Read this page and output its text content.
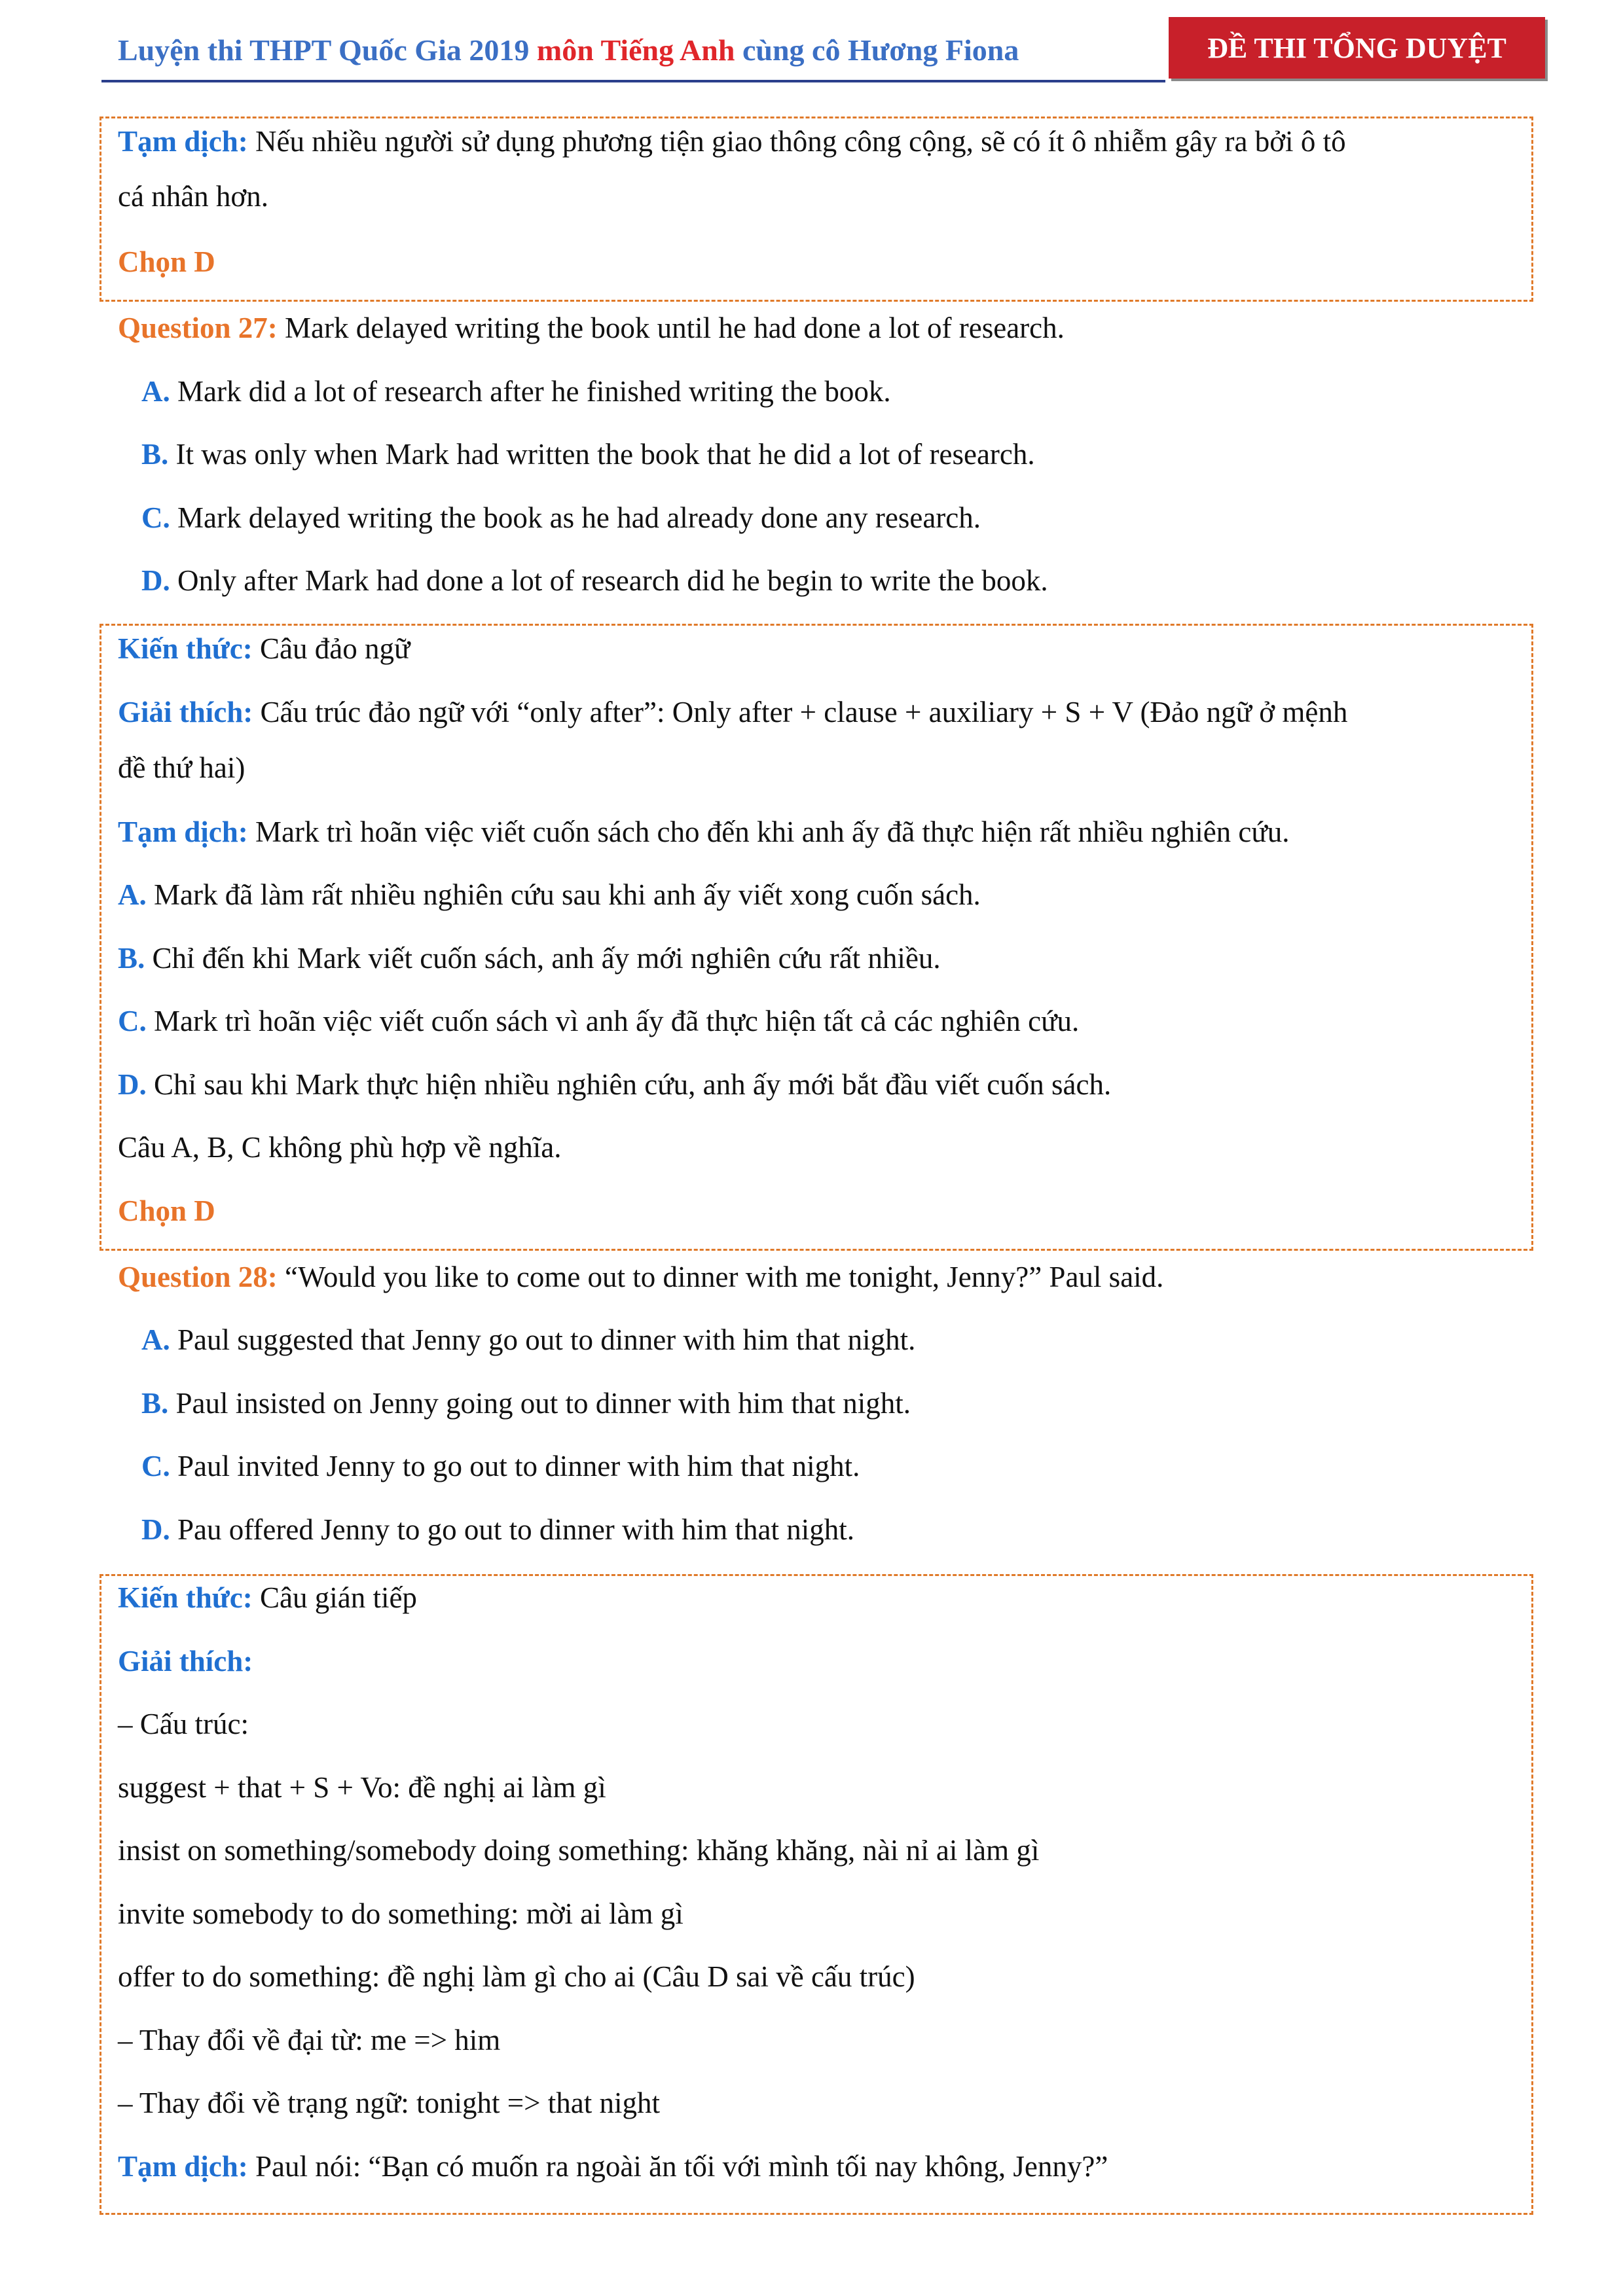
Luyện thi THPT Quốc Gia 2019 môn Tiếng Anh cùng cô Hương Fiona	ĐỀ THI TỔNG DUYỆT
Tạm dịch: Nếu nhiều người sử dụng phương tiện giao thông công cộng, sẽ có ít ô nhiễm gây ra bởi ô tô
cá nhân hơn.
Chọn D
Question 27: Mark delayed writing the book until he had done a lot of research.
A. Mark did a lot of research after he finished writing the book.
B. It was only when Mark had written the book that he did a lot of research.
C. Mark delayed writing the book as he had already done any research.
D. Only after Mark had done a lot of research did he begin to write the book.
Kiến thức: Câu đảo ngữ
Giải thích: Cấu trúc đảo ngữ với “only after”: Only after + clause + auxiliary + S + V (Đảo ngữ ở mệnh
đề thứ hai)
Tạm dịch: Mark trì hoãn việc viết cuốn sách cho đến khi anh ấy đã thực hiện rất nhiều nghiên cứu.
A. Mark đã làm rất nhiều nghiên cứu sau khi anh ấy viết xong cuốn sách.
B. Chỉ đến khi Mark viết cuốn sách, anh ấy mới nghiên cứu rất nhiều.
C. Mark trì hoãn việc viết cuốn sách vì anh ấy đã thực hiện tất cả các nghiên cứu.
D. Chỉ sau khi Mark thực hiện nhiều nghiên cứu, anh ấy mới bắt đầu viết cuốn sách.
Câu A, B, C không phù hợp về nghĩa.
Chọn D
Question 28: “Would you like to come out to dinner with me tonight, Jenny?” Paul said.
A. Paul suggested that Jenny go out to dinner with him that night.
B. Paul insisted on Jenny going out to dinner with him that night.
C. Paul invited Jenny to go out to dinner with him that night.
D. Pau offered Jenny to go out to dinner with him that night.
Kiến thức: Câu gián tiếp
Giải thích:
– Cấu trúc:
suggest + that + S + Vo: đề nghị ai làm gì
insist on something/somebody doing something: khăng khăng, nài nỉ ai làm gì
invite somebody to do something: mời ai làm gì
offer to do something: đề nghị làm gì cho ai (Câu D sai về cấu trúc)
– Thay đổi về đại từ: me => him
– Thay đổi về trạng ngữ: tonight => that night
Tạm dịch: Paul nói: “Bạn có muốn ra ngoài ăn tối với mình tối nay không, Jenny?”
